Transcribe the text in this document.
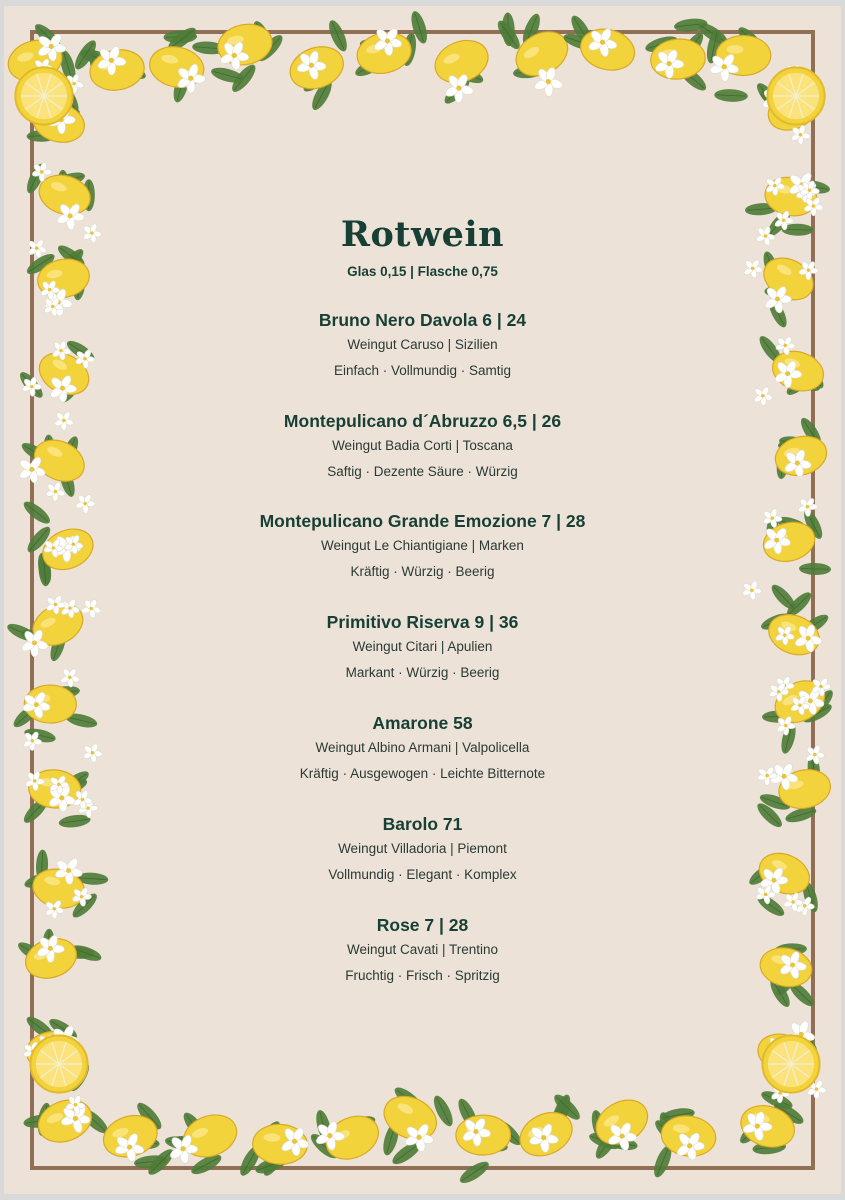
Rotwein
Glas 0,15 | Flasche 0,75
Bruno Nero Davola 6 | 24
Weingut Caruso | Sizilien
Einfach · Vollmundig · Samtig
Montepulicano d´Abruzzo 6,5 | 26
Weingut Badia Corti | Toscana
Saftig · Dezente Säure · Würzig
Montepulicano Grande Emozione 7 | 28
Weingut Le Chiantigiane | Marken
Kräftig · Würzig · Beerig
Primitivo Riserva 9 | 36
Weingut Citari | Apulien
Markant · Würzig · Beerig
Amarone 58
Weingut Albino Armani | Valpolicella
Kräftig · Ausgewogen · Leichte Bitternote
Barolo 71
Weingut Villadoria | Piemont
Vollmundig · Elegant · Komplex
Rose 7 | 28
Weingut Cavati | Trentino
Fruchtig · Frisch · Spritzig
